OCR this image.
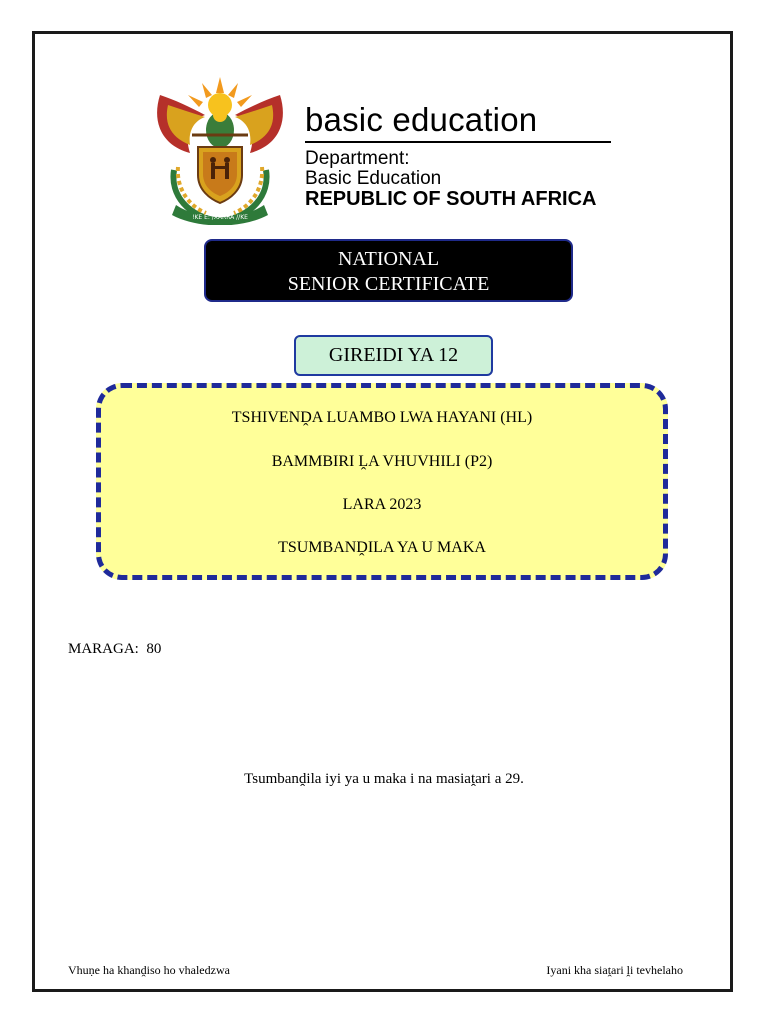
!KE E: /XARRA //KE
basic education
Department:
Basic Education
REPUBLIC OF SOUTH AFRICA
NATIONAL
SENIOR CERTIFICATE
GIREIDI YA 12
TSHIVENḒA LUAMBO LWA HAYANI (HL)
BAMMBIRI ḼA VHUVHILI (P2)
LARA 2023
TSUMBANḒILA YA U MAKA
MARAGA:  80
Tsumbanḓila iyi ya u maka i na masiaṱari a 29.
Vhuṇe ha khanḓiso ho vhaledzwa	Iyani kha siaṱari ḽi tevhelaho
